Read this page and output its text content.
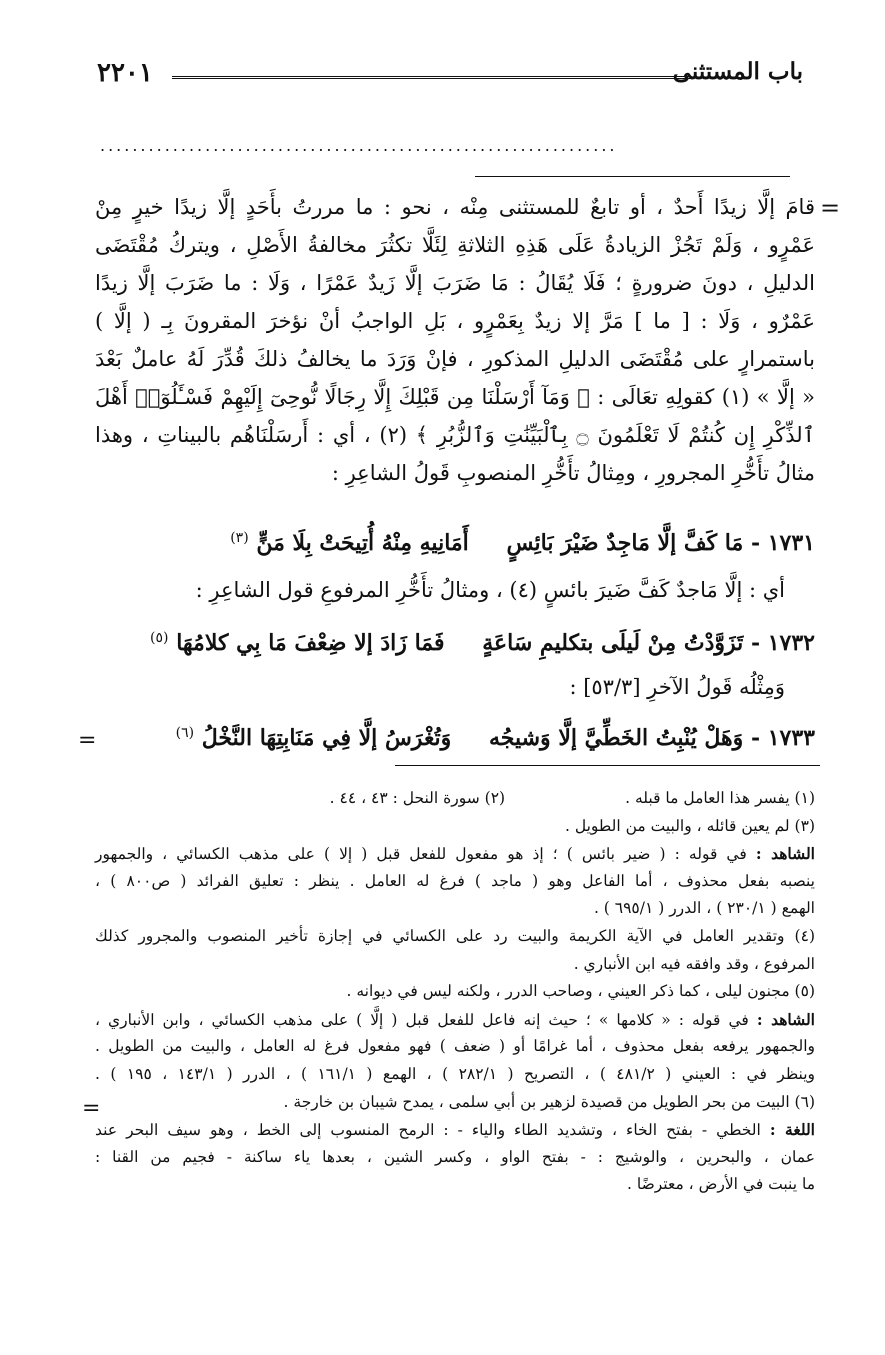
باب المستثنى
٢٢٠١
................................................................
=
قامَ إلَّا زيدًا أَحدٌ ، أو تابعٌ للمستثنى مِنْه ، نحو : ما مررتُ بأَحَدٍ إلَّا زيدًا خيرٍ مِنْ
عَمْرٍو ، وَلَمْ تَجُزْ الزيادةُ عَلَى هَذِهِ الثلاثةِ لِئَلَّا تكثُرَ مخالفةُ الأَصْلِ ، ويتركُ مُقْتَضَى
الدليلِ ، دونَ ضرورةٍ ؛ فَلَا يُقَالُ : مَا ضَرَبَ إلَّا زَيدٌ عَمْرًا ، وَلَا : ما ضَرَبَ إلَّا زيدًا
عَمْرٌو ، وَلَا : [ ما ] مَرَّ إلا زيدٌ بِعَمْرٍو ، بَلِ الواجبُ أنْ نؤخرَ المقرونَ بِـ ( إلَّا )
باستمرارٍ على مُقْتَضَى الدليلِ المذكورِ ، فإنْ وَرَدَ ما يخالفُ ذلكَ قُدِّرَ لَهُ عاملٌ بَعْدَ
« إلَّا » (١) كقولِهِ تعَالَى : ﴿ وَمَآ أَرْسَلْنَا مِن قَبْلِكَ إِلَّا رِجَالًا نُّوحِىٓ إِلَيْهِمْ فَسْـَٔلُوٓا۟ أَهْلَ
ٱلذِّكْرِ إِن كُنتُمْ لَا تَعْلَمُونَ ۝ بِٱلْبَيِّنَٰتِ وَٱلزُّبُرِ ﴾ (٢) ، أي : أَرسَلْنَاهُم بالبيناتِ ، وهذا
مثالُ تأَخُّرِ المجرورِ ، ومِثالُ تأَخُّرِ المنصوبِ قَولُ الشاعِرِ :
١٧٣١ - مَا كَفَّ إلَّا مَاجِدٌ ضَيْرَ بَائِسٍ أَمَانِيهِ مِنْهُ أُتِيحَتْ بِلَا مَنٍّ $^{(٣)}$
أي : إلَّا مَاجدٌ كَفَّ ضَيرَ بائسٍ (٤) ، ومثالُ تأَخُّرِ المرفوعِ قول الشاعِرِ :
١٧٣٢ - تَزَوَّدْتُ مِنْ لَيلَى بتكليمِ سَاعَةٍ فَمَا زَادَ إلا ضِعْفَ مَا بِي كلامُهَا $^{(٥)}$
وَمِثْلُه قَولُ الآخرِ [٥٣/٣] :
١٧٣٣ - وَهَلْ يُنْبِتُ الخَطِّيَّ إلَّا وَشيجُه وَتُغْرَسُ إلَّا فِي مَنَابِتِهَا النَّخْلُ $^{(٦)}$
=
(١) يفسر هذا العامل ما قبله .
(٢) سورة النحل : ٤٣ ، ٤٤ .
(٣) لم يعين قائله ، والبيت من الطويل .
الشاهد : في قوله : ( ضير بائس ) ؛ إذ هو مفعول للفعل قبل ( إلا ) على مذهب الكسائي ، والجمهور
ينصبه بفعل محذوف ، أما الفاعل وهو ( ماجد ) فرغ له العامل . ينظر : تعليق الفرائد ( ص٨٠٠ ) ،
الهمع ( ٢٣٠/١ ) ، الدرر ( ٦٩٥/١ ) .
(٤) وتقدير العامل في الآية الكريمة والبيت رد على الكسائي في إجازة تأخير المنصوب والمجرور كذلك
المرفوع ، وقد وافقه فيه ابن الأنباري .
(٥) مجنون ليلى ، كما ذكر العيني ، وصاحب الدرر ، ولكنه ليس في ديوانه .
الشاهد : في قوله : « كلامها » ؛ حيث إنه فاعل للفعل قبل ( إلَّا ) على مذهب الكسائي ، وابن الأنباري ،
والجمهور يرفعه بفعل محذوف ، أما غرامًا أو ( ضعف ) فهو مفعول فرغ له العامل ، والبيت من الطويل .
وينظر في : العيني ( ٤٨١/٢ ) ، التصريح ( ٢٨٢/١ ) ، الهمع ( ١٦١/١ ) ، الدرر ( ١٤٣/١ ، ١٩٥ ) .
(٦) البيت من بحر الطويل من قصيدة لزهير بن أبي سلمى ، يمدح شيبان بن خارجة .
اللغة : الخطي - بفتح الخاء ، وتشديد الطاء والياء - : الرمح المنسوب إلى الخط ، وهو سيف البحر عند
عمان ، والبحرين ، والوشيج : - بفتح الواو ، وكسر الشين ، بعدها ياء ساكنة - فجيم من القنا :
ما ينبت في الأرض ، معترضًا .
=
